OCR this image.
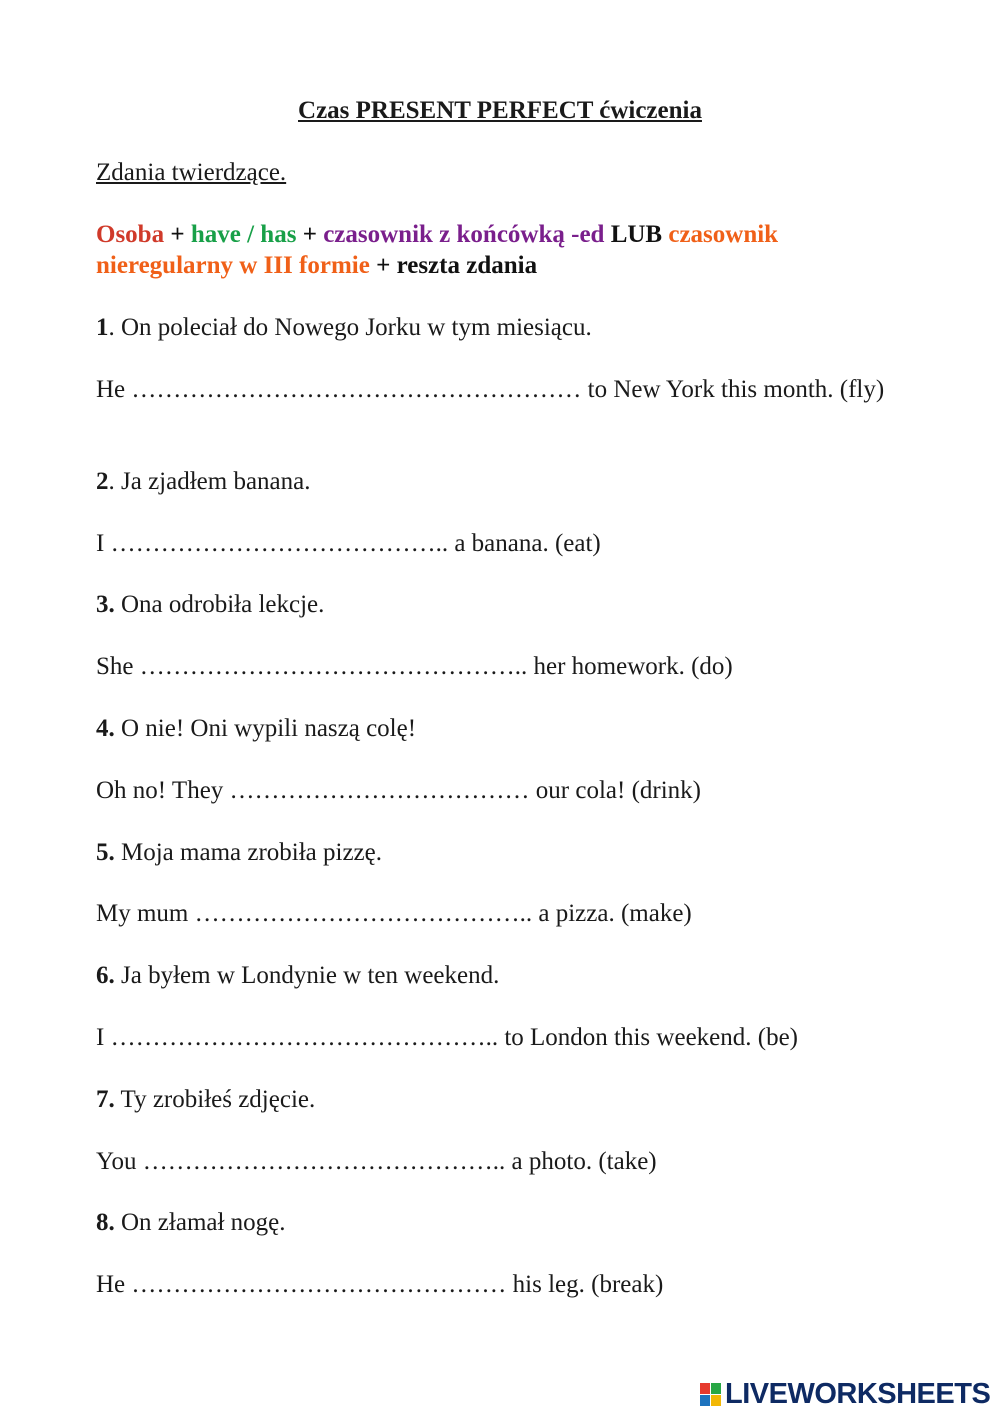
Czas PRESENT PERFECT ćwiczenia
Zdania twierdzące.
Osoba + have / has + czasownik z końcówką -ed LUB czasownik nieregularny w III formie + reszta zdania
1. On poleciał do Nowego Jorku w tym miesiącu.
He ……………………………………………… to New York this month. (fly)
2. Ja zjadłem banana.
I ………………………………….. a banana. (eat)
3. Ona odrobiła lekcje.
She ……………………………………….. her homework. (do)
4. O nie! Oni wypili naszą colę!
Oh no! They ……………………………… our cola! (drink)
5. Moja mama zrobiła pizzę.
My mum ………………………………….. a pizza. (make)
6. Ja byłem w Londynie w ten weekend.
I ……………………………………….. to London this weekend. (be)
7. Ty zrobiłeś zdjęcie.
You …………………………………….. a photo. (take)
8. On złamał nogę.
He ……………………………………… his leg. (break)
LIVEWORKSHEETS
